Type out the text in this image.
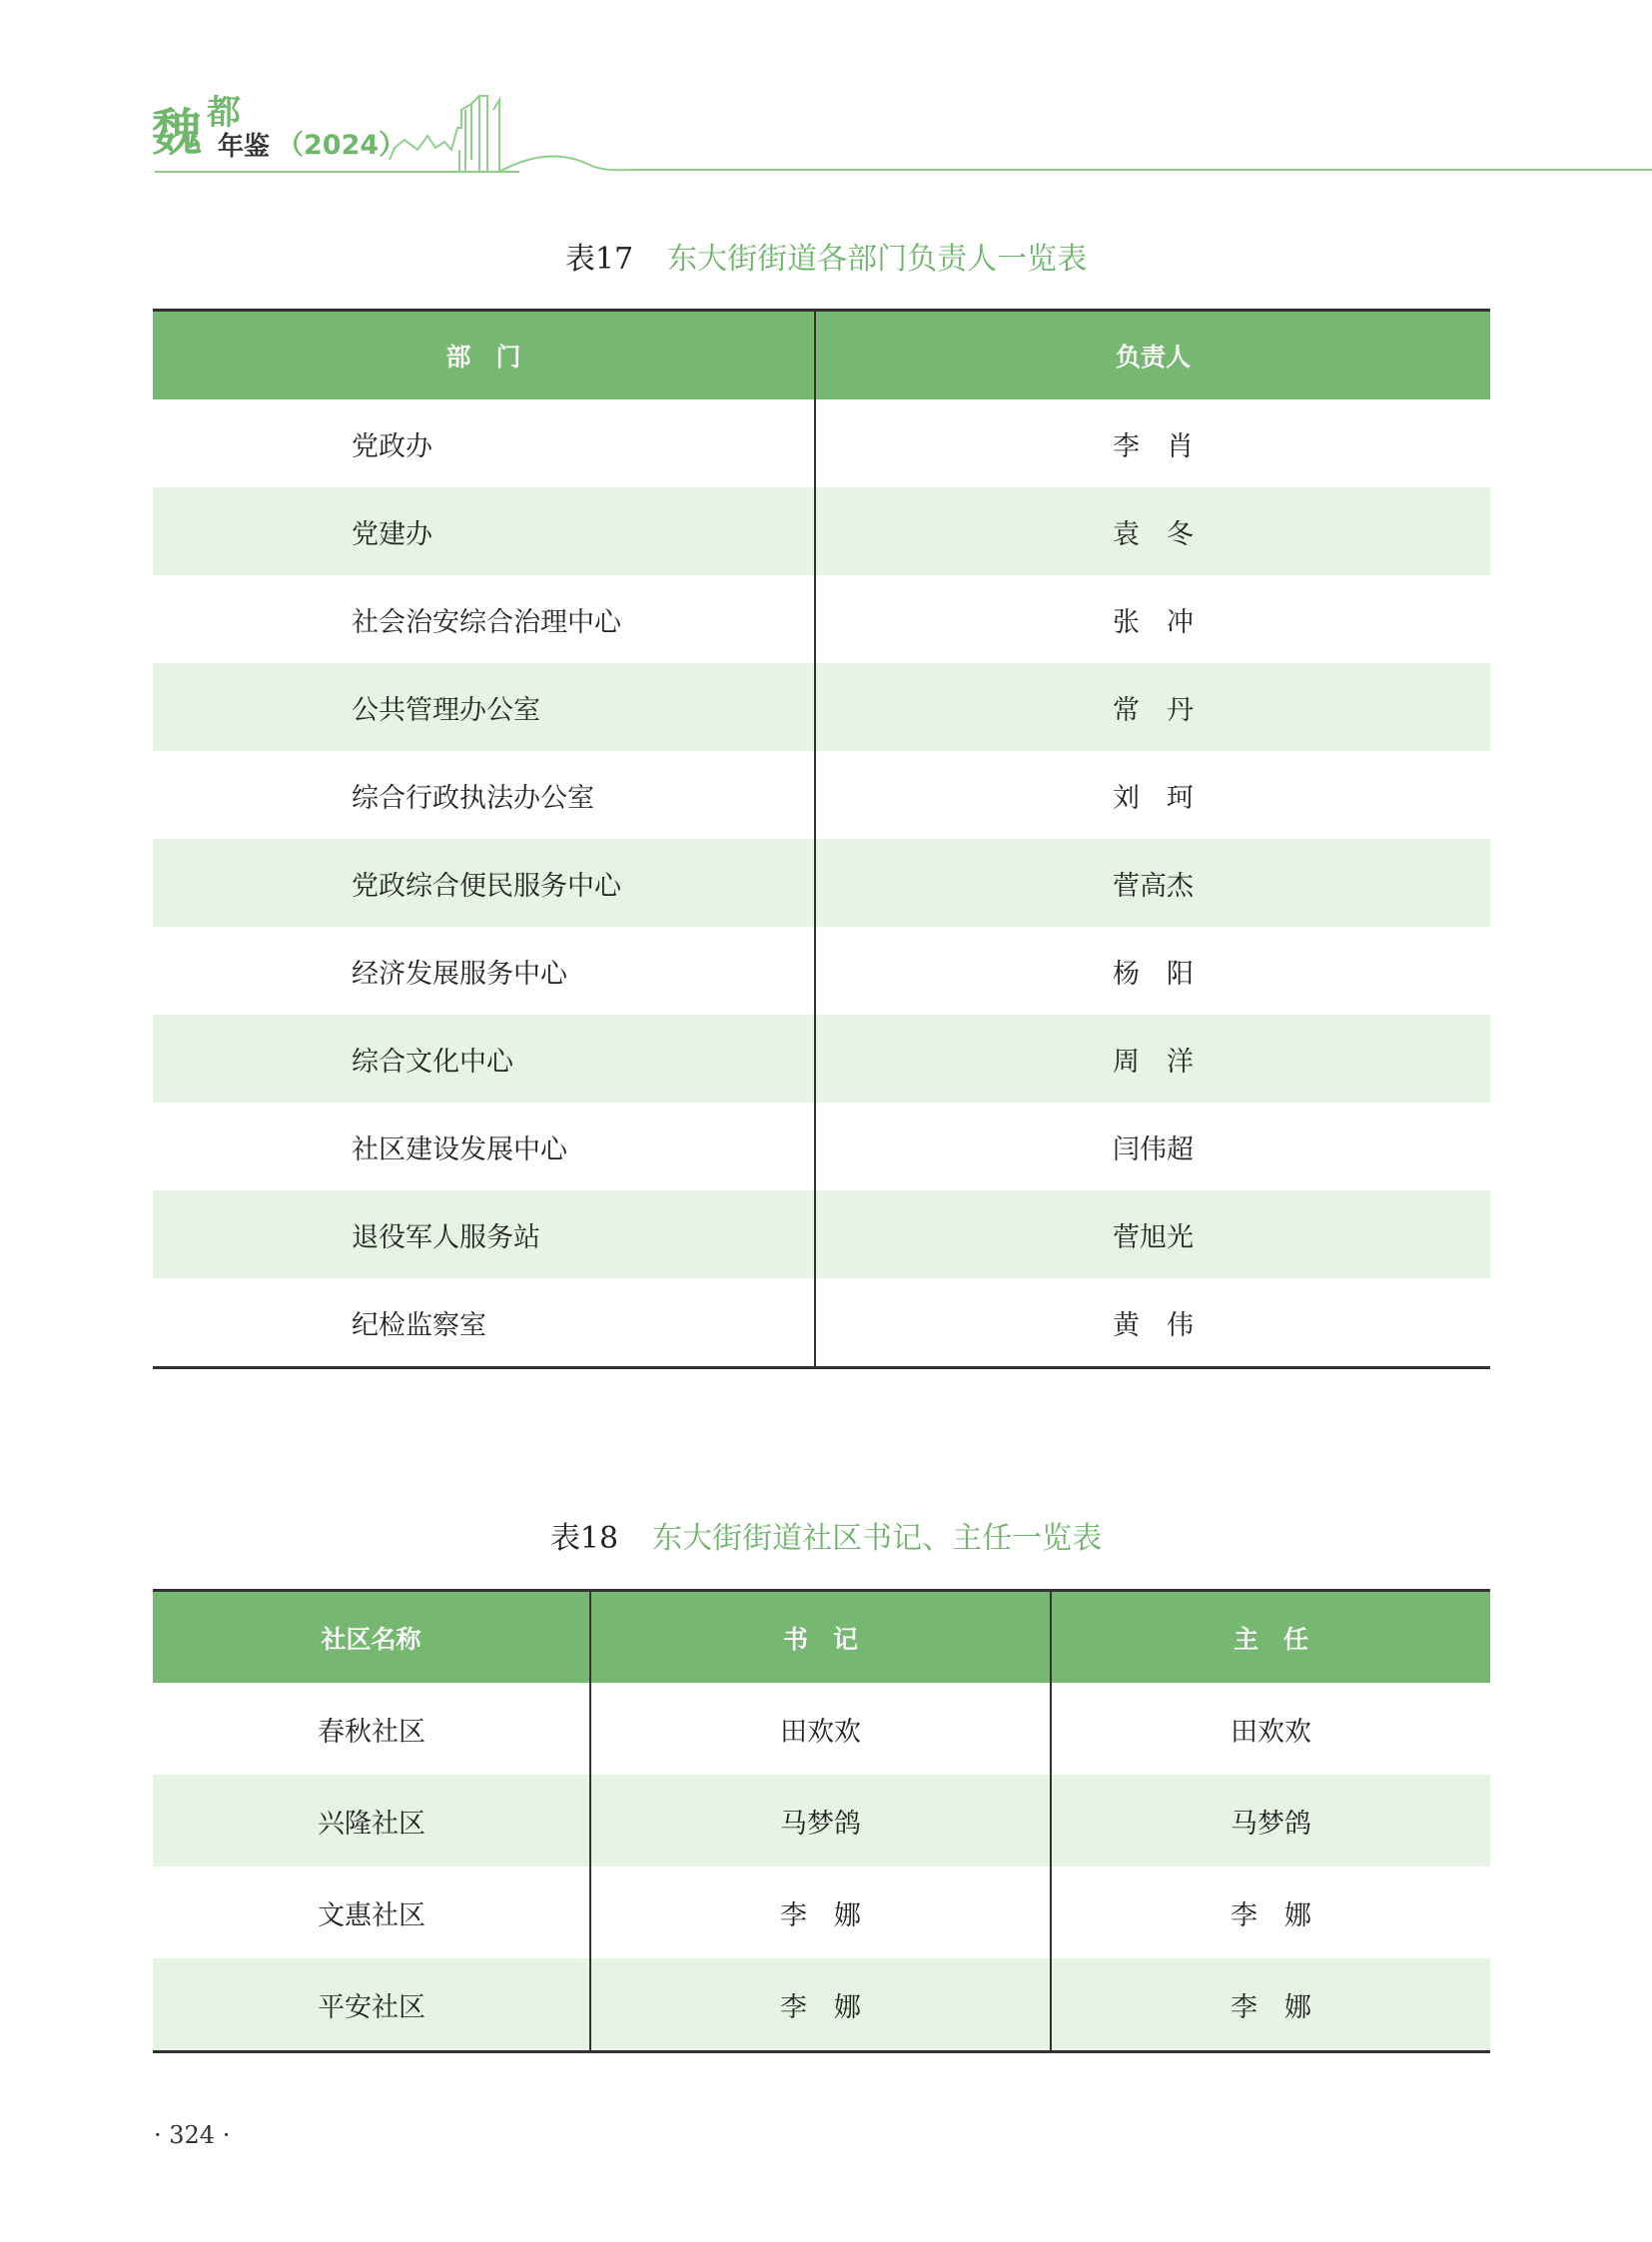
魏 都
年鉴 （2024）
表17 东大街街道各部门负责人一览表
部　门	负责人
党政办	李　肖
党建办	袁　冬
社会治安综合治理中心	张　冲
公共管理办公室	常　丹
综合行政执法办公室	刘　珂
党政综合便民服务中心	菅高杰
经济发展服务中心	杨　阳
综合文化中心	周　洋
社区建设发展中心	闫伟超
退役军人服务站	菅旭光
纪检监察室	黄　伟
表18 东大街街道社区书记、主任一览表
社区名称	书　记	主　任
春秋社区	田欢欢	田欢欢
兴隆社区	马梦鸽	马梦鸽
文惠社区	李　娜	李　娜
平安社区	李　娜	李　娜
· 324 ·
